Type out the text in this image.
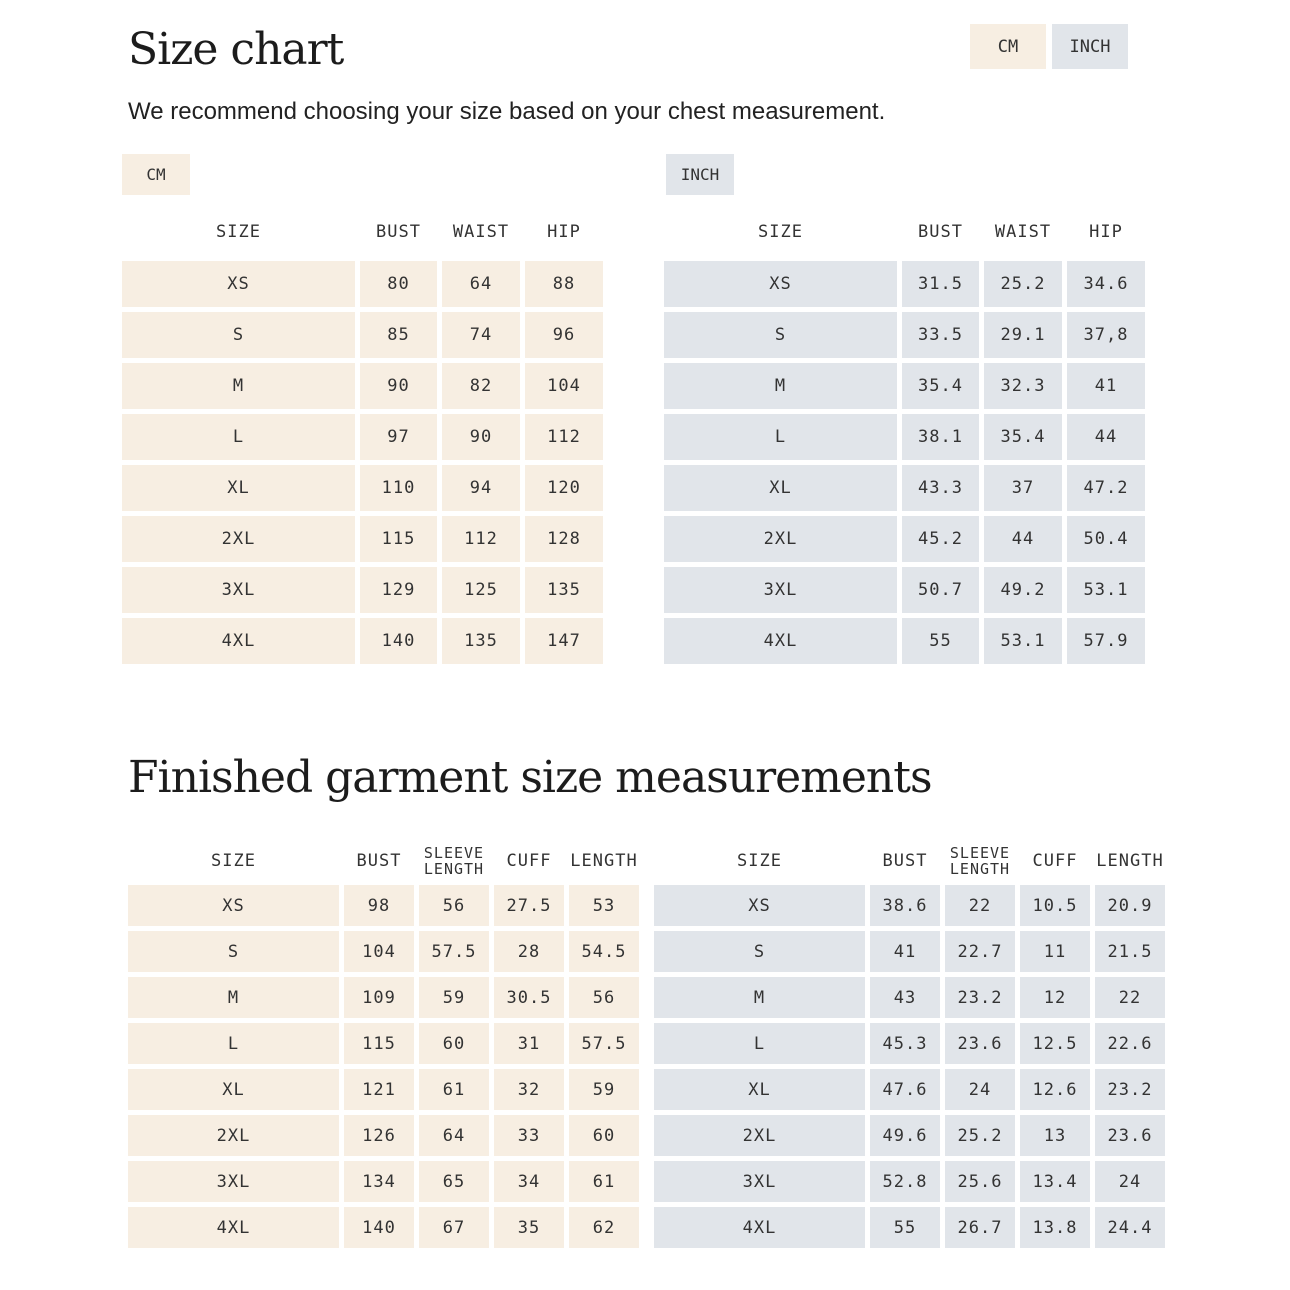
Size chart	CM	INCH
We recommend choosing your size based on your chest measurement.
CM	INCH
SIZE	BUST	WAIST	HIP
XS	80	64	88
S	85	74	96
M	90	82	104
L	97	90	112
XL	110	94	120
2XL	115	112	128
3XL	129	125	135
4XL	140	135	147
SIZE	BUST	WAIST	HIP
XS	31.5	25.2	34.6
S	33.5	29.1	37,8
M	35.4	32.3	41
L	38.1	35.4	44
XL	43.3	37	47.2
2XL	45.2	44	50.4
3XL	50.7	49.2	53.1
4XL	55	53.1	57.9
Finished garment size measurements
SIZE	BUST	SLEEVE LENGTH	CUFF	LENGTH
XS	98	56	27.5	53
S	104	57.5	28	54.5
M	109	59	30.5	56
L	115	60	31	57.5
XL	121	61	32	59
2XL	126	64	33	60
3XL	134	65	34	61
4XL	140	67	35	62
SIZE	BUST	SLEEVE LENGTH	CUFF	LENGTH
XS	38.6	22	10.5	20.9
S	41	22.7	11	21.5
M	43	23.2	12	22
L	45.3	23.6	12.5	22.6
XL	47.6	24	12.6	23.2
2XL	49.6	25.2	13	23.6
3XL	52.8	25.6	13.4	24
4XL	55	26.7	13.8	24.4
